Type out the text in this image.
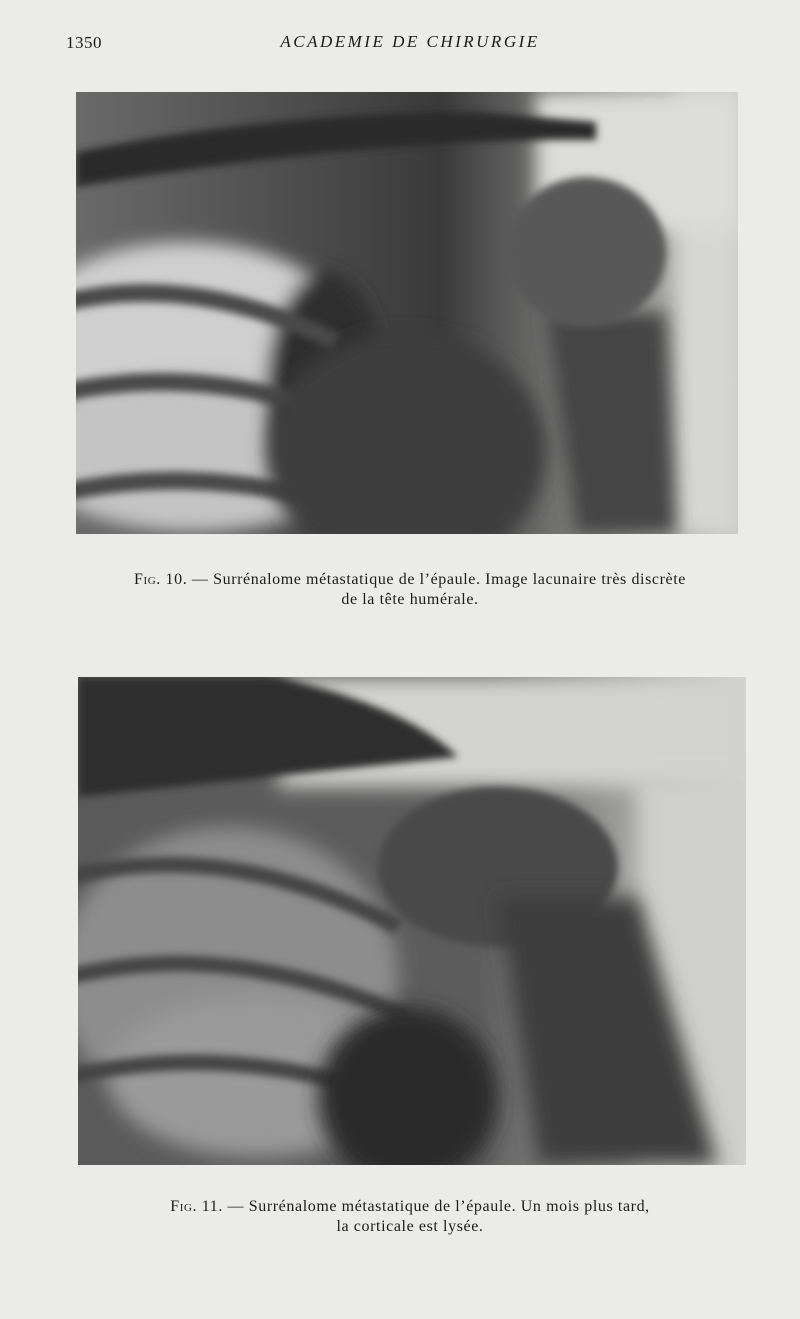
1350	ACADEMIE DE CHIRURGIE
Fig. 10. — Surrénalome métastatique de l’épaule. Image lacunaire très discrète
de la tête humérale.
Fig. 11. — Surrénalome métastatique de l’épaule. Un mois plus tard,
la corticale est lysée.
